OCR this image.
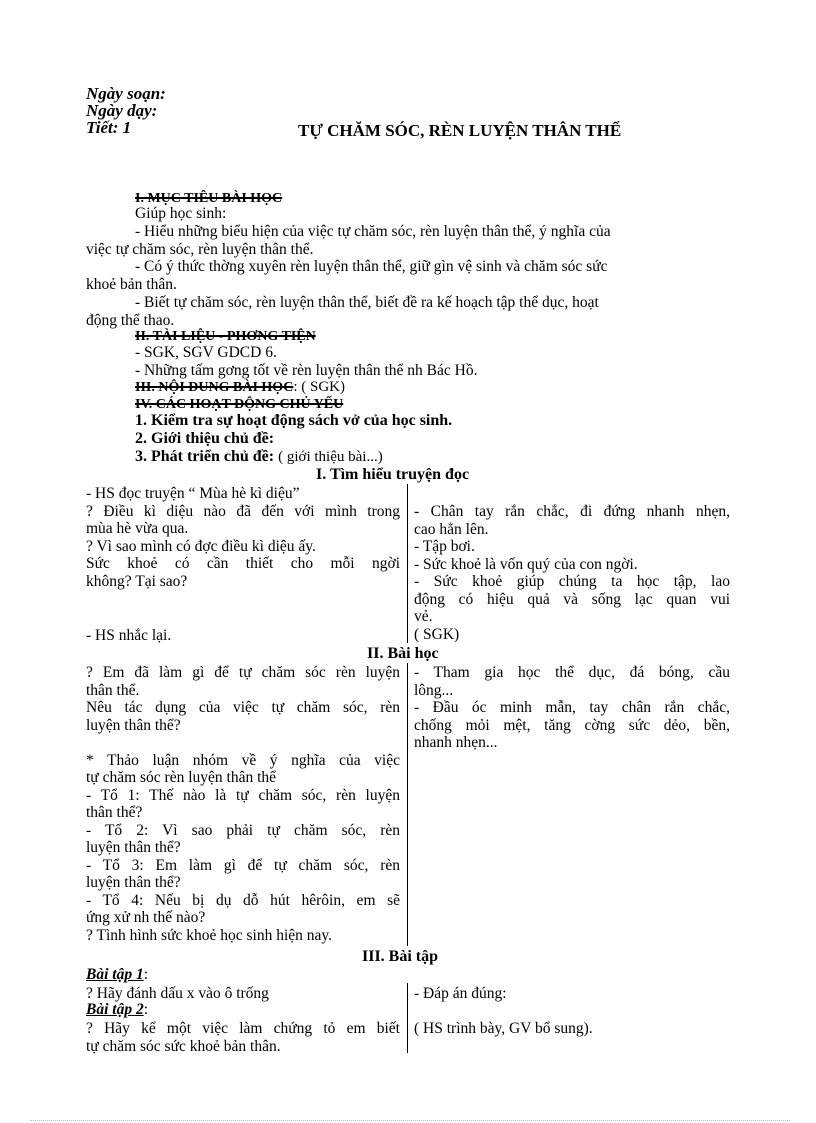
Ngày soạn:
Ngày dạy:
Tiết: 1	TỰ CHĂM SÓC, RÈN LUYỆN THÂN THỂ
I. MỤC TIÊU BÀI HỌC
Giúp học sinh:
- Hiểu những biểu hiện của việc tự chăm sóc, rèn luyện thân thể, ý nghĩa của
việc tự chăm sóc, rèn luyện thân thể.
- Có ý thức thờng xuyên rèn luyện thân thể, giữ gìn vệ sinh và chăm sóc sức
khoẻ bản thân.
- Biết tự chăm sóc, rèn luyện thân thể, biết đề ra kế hoạch tập thể dục, hoạt
động thể thao.
II. TÀI LIỆU - PHƠNG TIỆN
- SGK, SGV GDCD 6.
- Những tấm gơng tốt về rèn luyện thân thể nh Bác Hồ.
III. NỘI DUNG BÀI HỌC: ( SGK)
IV. CÁC HOẠT ĐỘNG CHỦ YẾU
1. Kiểm tra sự hoạt động sách vở của học sinh.
2. Giới thiệu chủ đề:
3. Phát triển chủ đề: ( giới thiệu bài...)
I. Tìm hiểu truyện đọc
- HS đọc truyện “ Mùa hè kì diệu”
? Điều kì diệu nào đã đến với mình trong
mùa hè vừa qua.
? Vì sao mình có đợc điều kì diệu ấy.
Sức khoẻ có cần thiết cho mỗi ngời
không? Tại sao?
- HS nhắc lại.
- Chân tay rắn chắc, đi đứng nhanh nhẹn,
cao hẳn lên.
- Tập bơi.
- Sức khoẻ là vốn quý của con ngời.
- Sức khoẻ giúp chúng ta học tập, lao
động có hiệu quả và sống lạc quan vui
vẻ.
( SGK)
II. Bài học
? Em đã làm gì để tự chăm sóc rèn luyện
thân thể.
Nêu tác dụng của việc tự chăm sóc, rèn
luyện thân thể?
* Thảo luận nhóm về ý nghĩa của việc
tự chăm sóc rèn luyện thân thể
- Tổ 1: Thế nào là tự chăm sóc, rèn luyện
thân thể?
- Tổ 2: Vì sao phải tự chăm sóc, rèn
luyện thân thể?
- Tổ 3: Em làm gì để tự chăm sóc, rèn
luyện thân thể?
- Tổ 4: Nếu bị dụ dỗ hút hêrôin, em sẽ
ứng xử nh thế nào?
? Tình hình sức khoẻ học sinh hiện nay.
- Tham gia học thể dục, đá bóng, cầu
lông...
- Đầu óc minh mẫn, tay chân rắn chắc,
chống mỏi mệt, tăng cờng sức dẻo, bền,
nhanh nhẹn...
III. Bài tập
Bài tập 1:
? Hãy đánh dấu x vào ô trống	- Đáp án đúng:
Bài tập 2:
? Hãy kể một việc làm chứng tỏ em biết
tự chăm sóc sức khoẻ bản thân.
( HS trình bày, GV bổ sung).
